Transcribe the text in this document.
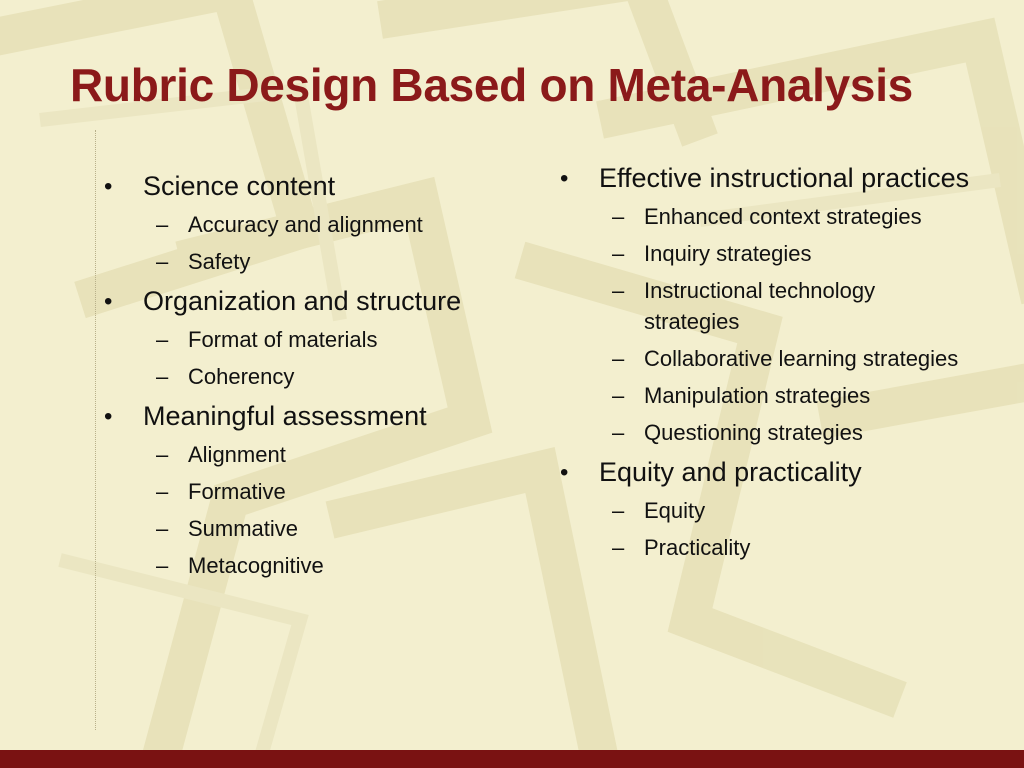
Rubric Design Based on Meta-Analysis
• Science content
– Accuracy and alignment
– Safety
• Organization and structure
– Format of materials
– Coherency
• Meaningful assessment
– Alignment
– Formative
– Summative
– Metacognitive
• Effective instructional practices
– Enhanced context strategies
– Inquiry strategies
– Instructional technology strategies
– Collaborative learning strategies
– Manipulation strategies
– Questioning strategies
• Equity and practicality
– Equity
– Practicality
